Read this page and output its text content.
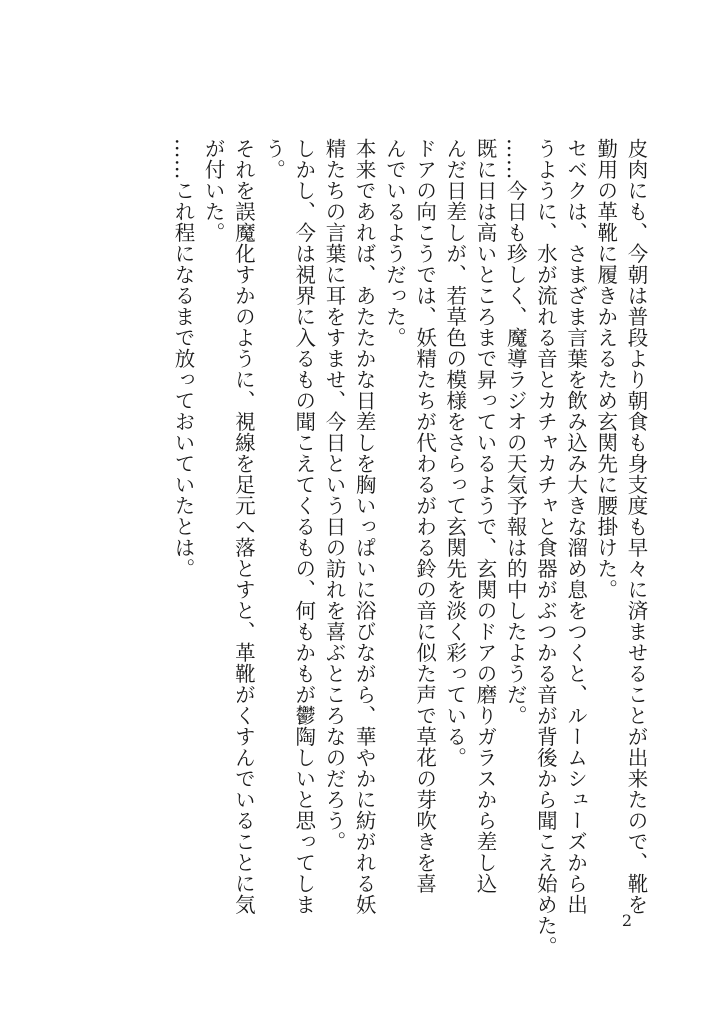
皮肉にも、今朝は普段より朝食も身支度も早々に済ませることが出来たので、靴を
勤用の革靴に履きかえるため玄関先に腰掛けた。
セベクは、さまざま言葉を飲み込み大きな溜め息をつくと、ルームシューズから出
うように、水が流れる音とカチャカチャと食器がぶつかる音が背後から聞こえ始めた。
……今日も珍しく、魔導ラジオの天気予報は的中したようだ。
既に日は高いところまで昇っているようで、玄関のドアの磨りガラスから差し込
んだ日差しが、若草色の模様をさらって玄関先を淡く彩っている。
ドアの向こうでは、妖精たちが代わるがわる鈴の音に似た声で草花の芽吹きを喜
んでいるようだった。
本来であれば、あたたかな日差しを胸いっぱいに浴びながら、華やかに紡がれる妖
精たちの言葉に耳をすませ、今日という日の訪れを喜ぶところなのだろう。
しかし、今は視界に入るもの聞こえてくるもの、何もかもが鬱陶しいと思ってしま
う。
それを誤魔化すかのように、視線を足元へ落とすと、革靴がくすんでいることに気
が付いた。
……これ程になるまで放っておいていたとは。
2
